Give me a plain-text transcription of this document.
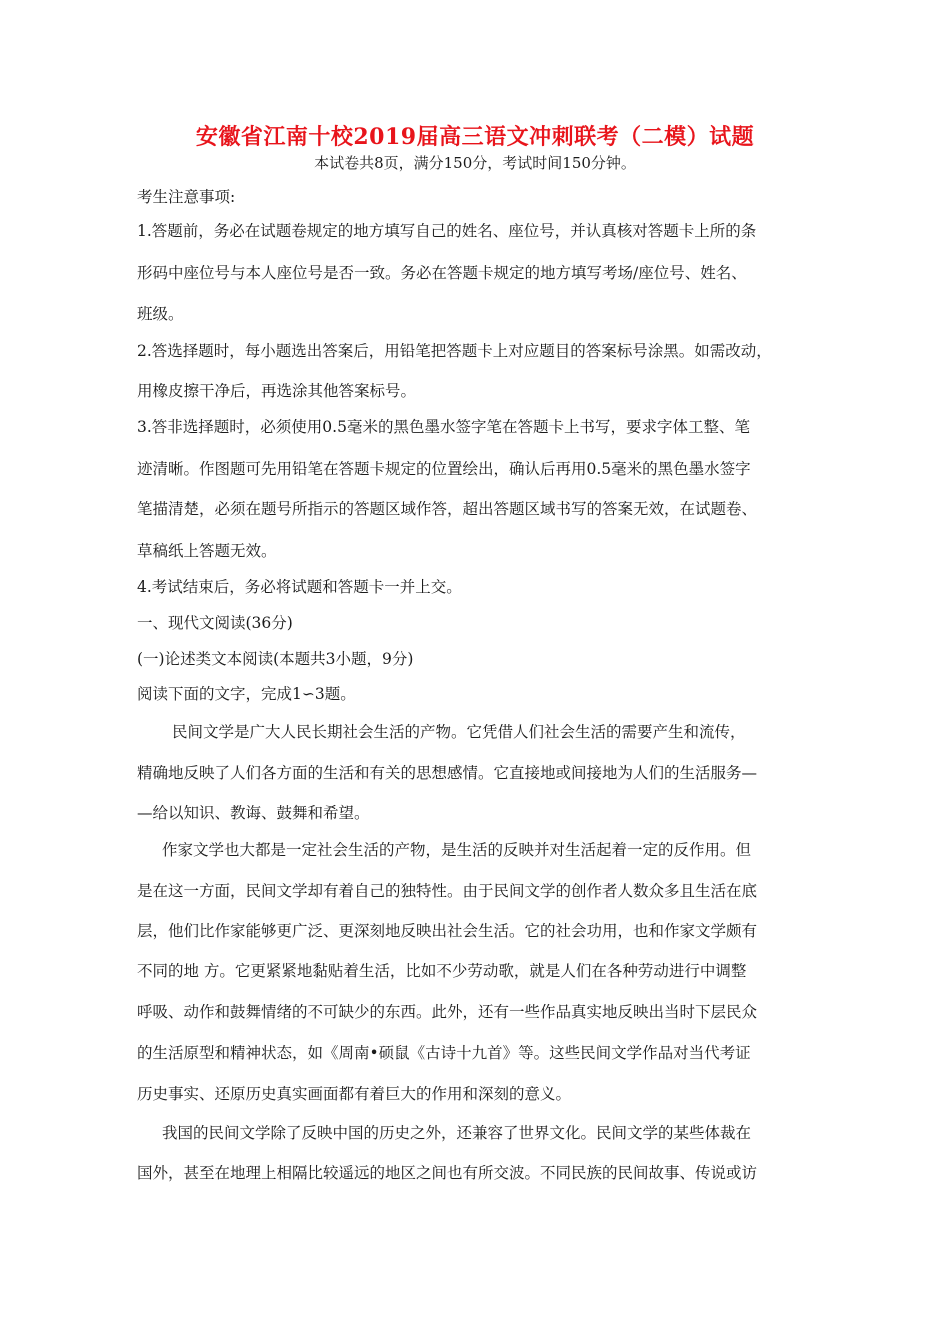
安徽省江南十校2019届高三语文冲刺联考（二模）试题
本试卷共8页，满分150分，考试时间150分钟。
考生注意事项:
1.答题前，务必在试题卷规定的地方填写自己的姓名、座位号，并认真核对答题卡上所的条
形码中座位号与本人座位号是否一致。务必在答题卡规定的地方填写考场/座位号、姓名、
班级。
2.答选择题时，每小题选出答案后，用铅笔把答题卡上对应题目的答案标号涂黑。如需改动，
用橡皮擦干净后，再选涂其他答案标号。
3.答非选择题时，必须使用0.5毫米的黑色墨水签字笔在答题卡上书写，要求字体工整、笔
迹清晰。作图题可先用铅笔在答题卡规定的位置绘出，确认后再用0.5毫米的黑色墨水签字
笔描清楚，必须在题号所指示的答题区域作答，超出答题区域书写的答案无效，在试题卷、
草稿纸上答题无效。
4.考试结束后，务必将试题和答题卡一并上交。
一、现代文阅读(36分)
(一)论述类文本阅读(本题共3小题，9分)
阅读下面的文字，完成1∽3题。
民间文学是广大人民长期社会生活的产物。它凭借人们社会生活的需要产生和流传，
精确地反映了人们各方面的生活和有关的思想感情。它直接地或间接地为人们的生活服务—
—给以知识、教诲、鼓舞和希望。
作家文学也大都是一定社会生活的产物，是生活的反映并对生活起着一定的反作用。但
是在这一方面，民间文学却有着自己的独特性。由于民间文学的创作者人数众多且生活在底
层，他们比作家能够更广泛、更深刻地反映出社会生活。它的社会功用，也和作家文学颇有
不同的地 方。它更紧紧地黏贴着生活，比如不少劳动歌，就是人们在各种劳动进行中调整
呼吸、动作和鼓舞情绪的不可缺少的东西。此外，还有一些作品真实地反映出当时下层民众
的生活原型和精神状态，如《周南•硕鼠《古诗十九首》等。这些民间文学作品对当代考证
历史事实、还原历史真实画面都有着巨大的作用和深刻的意义。
我国的民间文学除了反映中国的历史之外，还兼容了世界文化。民间文学的某些体裁在
国外，甚至在地理上相隔比较遥远的地区之间也有所交波。不同民族的民间故事、传说或访
